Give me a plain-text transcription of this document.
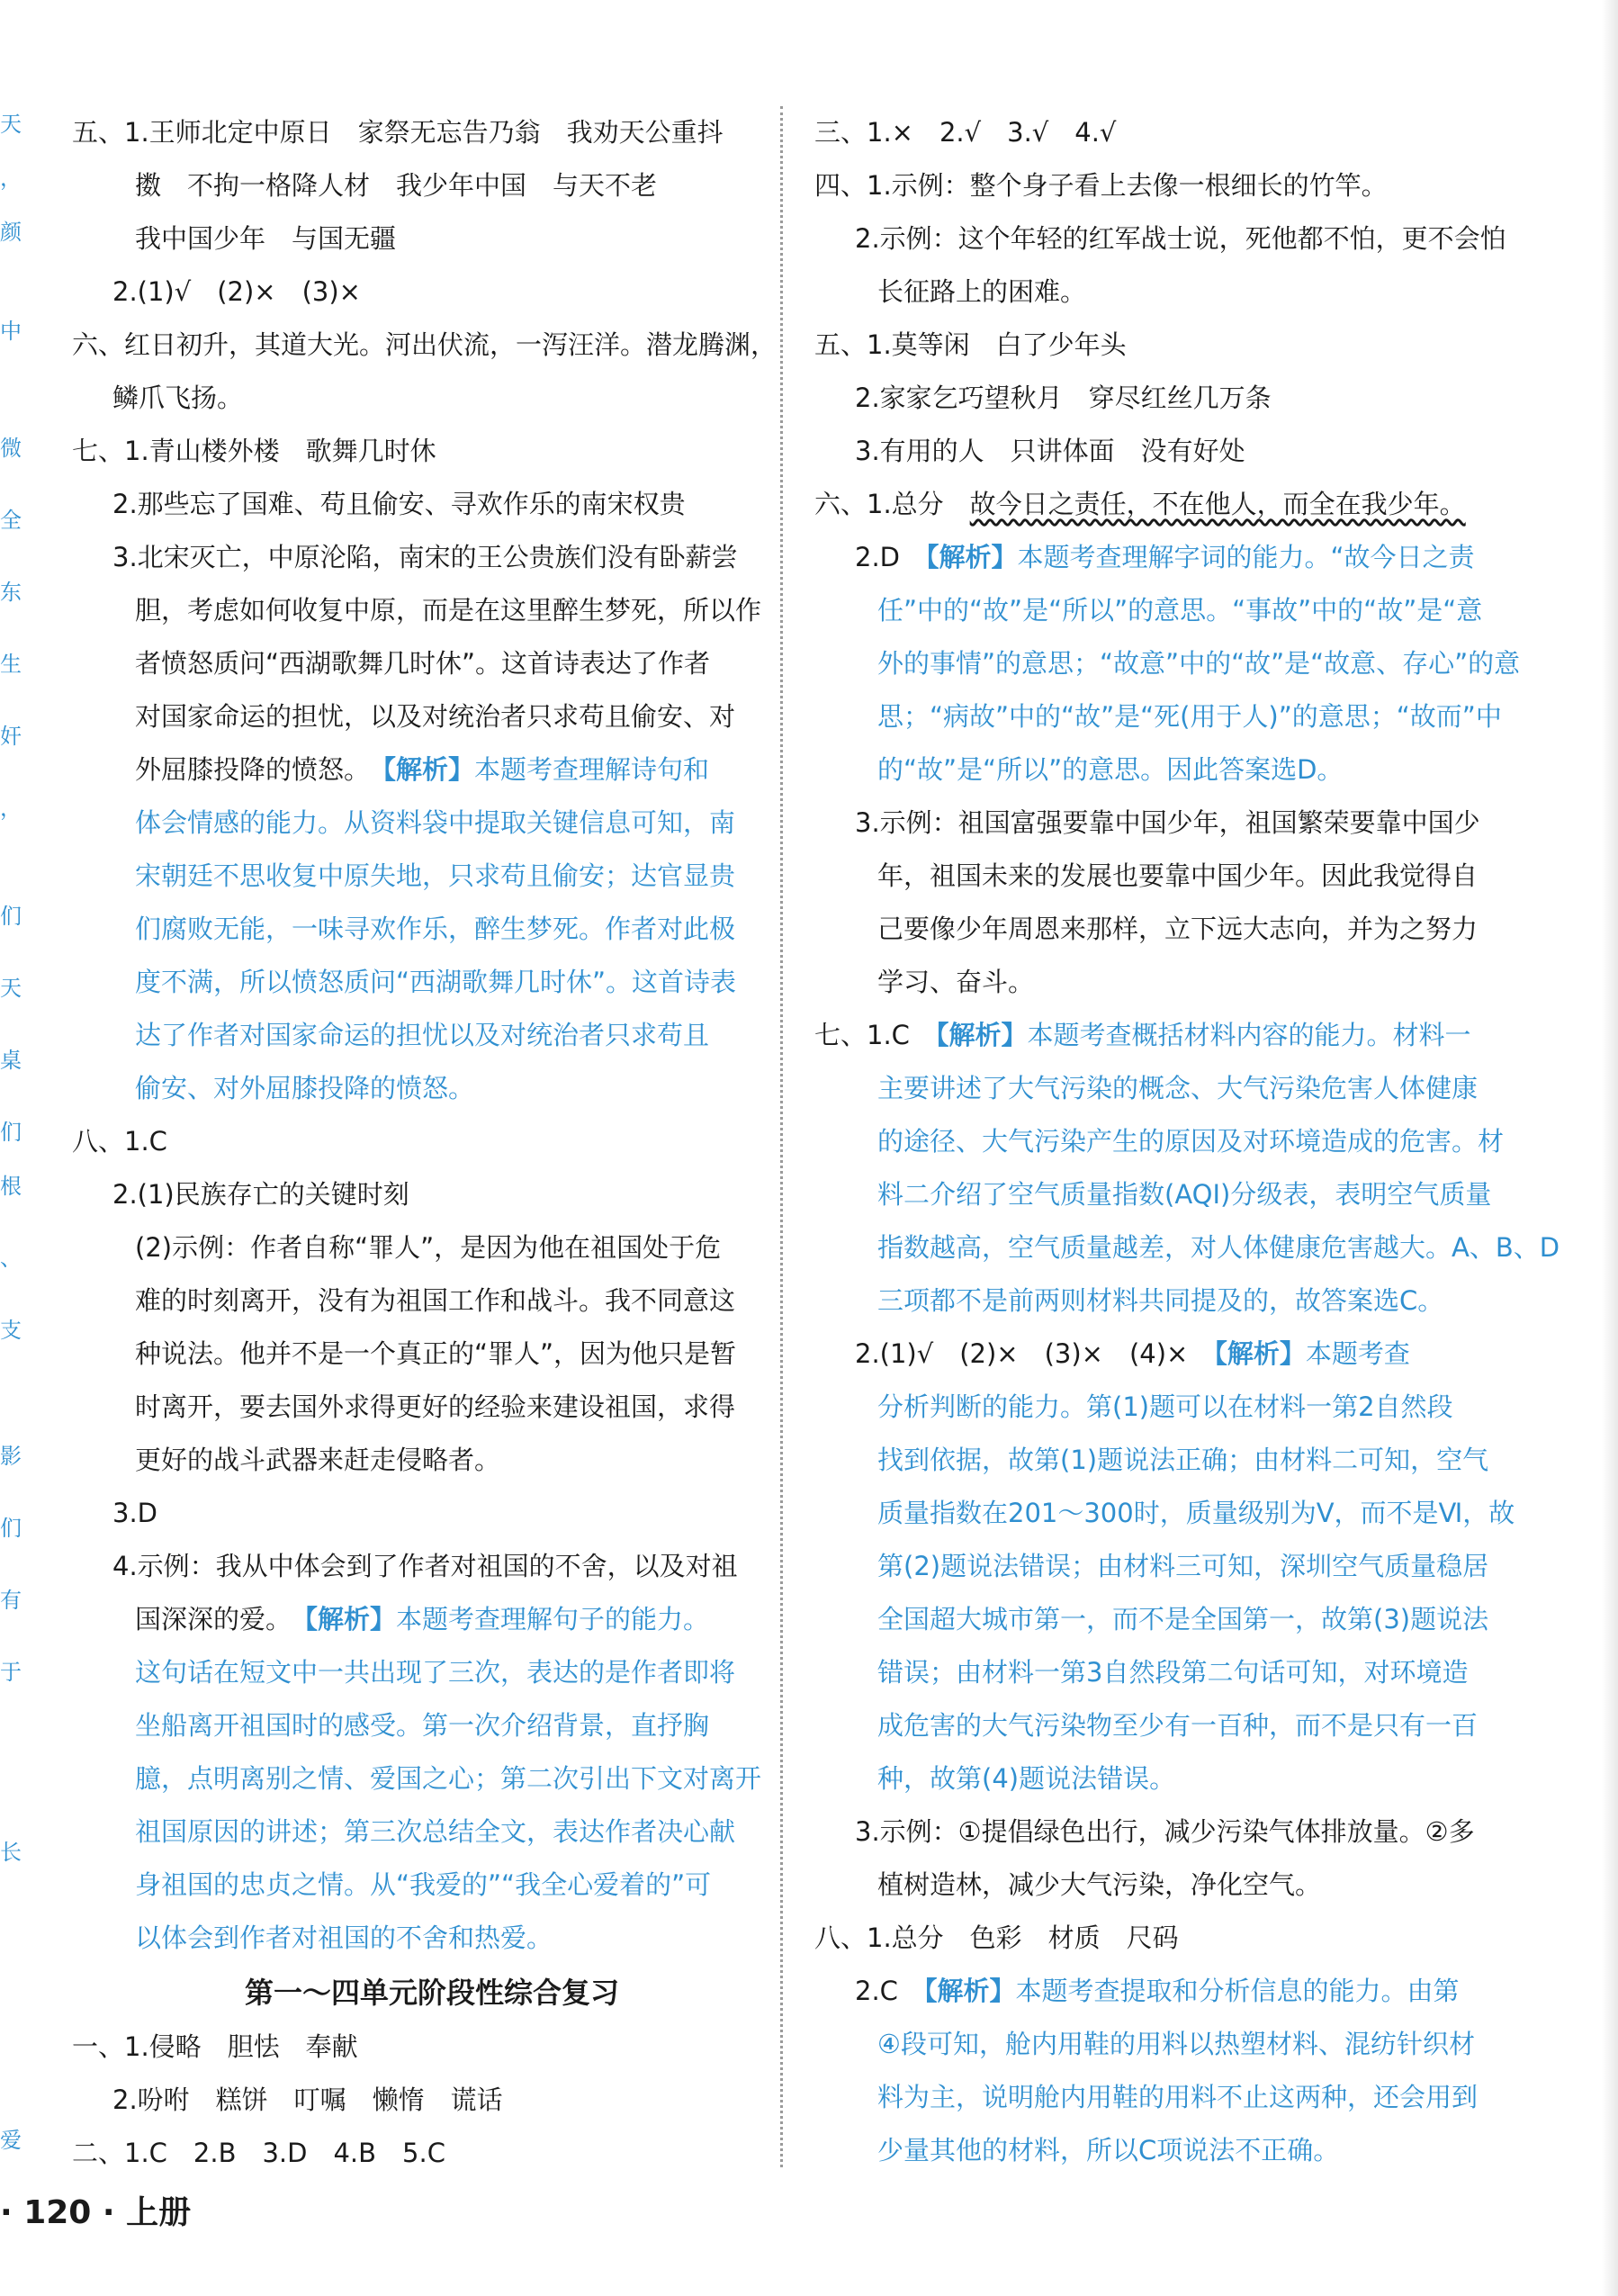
天
，
颜
中
微
全
东
生
奸
，
们
天
桌
们
根
、
支
影
们
有
于
长
爱
五、1.王师北定中原日　家祭无忘告乃翁　我劝天公重抖
擞　不拘一格降人材　我少年中国　与天不老
我中国少年　与国无疆
2.(1)√　(2)×　(3)×
六、红日初升，其道大光。河出伏流，一泻汪洋。潜龙腾渊，
鳞爪飞扬。
七、1.青山楼外楼　歌舞几时休
2.那些忘了国难、苟且偷安、寻欢作乐的南宋权贵
3.北宋灭亡，中原沦陷，南宋的王公贵族们没有卧薪尝
胆，考虑如何收复中原，而是在这里醉生梦死，所以作
者愤怒质问“西湖歌舞几时休”。这首诗表达了作者
对国家命运的担忧，以及对统治者只求苟且偷安、对
外屈膝投降的愤怒。　 【解析】本题考查理解诗句和
体会情感的能力。从资料袋中提取关键信息可知，南
宋朝廷不思收复中原失地，只求苟且偷安；达官显贵
们腐败无能，一味寻欢作乐，醉生梦死。作者对此极
度不满，所以愤怒质问“西湖歌舞几时休”。这首诗表
达了作者对国家命运的担忧以及对统治者只求苟且
偷安、对外屈膝投降的愤怒。
八、1.C
2.(1)民族存亡的关键时刻
(2)示例：作者自称“罪人”，是因为他在祖国处于危
难的时刻离开，没有为祖国工作和战斗。我不同意这
种说法。他并不是一个真正的“罪人”，因为他只是暂
时离开，要去国外求得更好的经验来建设祖国，求得
更好的战斗武器来赶走侵略者。
3.D
4.示例：我从中体会到了作者对祖国的不舍，以及对祖
国深深的爱。　 【解析】本题考查理解句子的能力。
这句话在短文中一共出现了三次，表达的是作者即将
坐船离开祖国时的感受。第一次介绍背景，直抒胸
臆，点明离别之情、爱国之心；第二次引出下文对离开
祖国原因的讲述；第三次总结全文，表达作者决心献
身祖国的忠贞之情。从“我爱的”“我全心爱着的”可
以体会到作者对祖国的不舍和热爱。
第一～四单元阶段性综合复习
一、1.侵略　胆怯　奉献
2.吩咐　糕饼　叮嘱　懒惰　谎话
二、1.C　2.B　3.D　4.B　5.C
三、1.×　2.√　3.√　4.√
四、1.示例：整个身子看上去像一根细长的竹竿。
2.示例：这个年轻的红军战士说，死他都不怕，更不会怕
长征路上的困难。
五、1.莫等闲　白了少年头
2.家家乞巧望秋月　穿尽红丝几万条
3.有用的人　只讲体面　没有好处
六、1.总分　故今日之责任，不在他人，而全在我少年。
2.D　 【解析】本题考查理解字词的能力。“故今日之责
任”中的“故”是“所以”的意思。“事故”中的“故”是“意
外的事情”的意思；“故意”中的“故”是“故意、存心”的意
思；“病故”中的“故”是“死(用于人)”的意思；“故而”中
的“故”是“所以”的意思。因此答案选D。
3.示例：祖国富强要靠中国少年，祖国繁荣要靠中国少
年，祖国未来的发展也要靠中国少年。因此我觉得自
己要像少年周恩来那样，立下远大志向，并为之努力
学习、奋斗。
七、1.C　 【解析】本题考查概括材料内容的能力。材料一
主要讲述了大气污染的概念、大气污染危害人体健康
的途径、大气污染产生的原因及对环境造成的危害。材
料二介绍了空气质量指数(AQI)分级表，表明空气质量
指数越高，空气质量越差，对人体健康危害越大。A、B、D
三项都不是前两则材料共同提及的，故答案选C。
2.(1)√　(2)×　(3)×　(4)×　 【解析】本题考查
分析判断的能力。第(1)题可以在材料一第2自然段
找到依据，故第(1)题说法正确；由材料二可知，空气
质量指数在201～300时，质量级别为Ⅴ，而不是Ⅵ，故
第(2)题说法错误；由材料三可知，深圳空气质量稳居
全国超大城市第一，而不是全国第一，故第(3)题说法
错误；由材料一第3自然段第二句话可知，对环境造
成危害的大气污染物至少有一百种，而不是只有一百
种，故第(4)题说法错误。
3.示例：①提倡绿色出行，减少污染气体排放量。②多
植树造林，减少大气污染，净化空气。
八、1.总分　色彩　材质　尺码
2.C　 【解析】本题考查提取和分析信息的能力。由第
④段可知，舱内用鞋的用料以热塑材料、混纺针织材
料为主，说明舱内用鞋的用料不止这两种，还会用到
少量其他的材料，所以C项说法不正确。
· 120 · 上册
